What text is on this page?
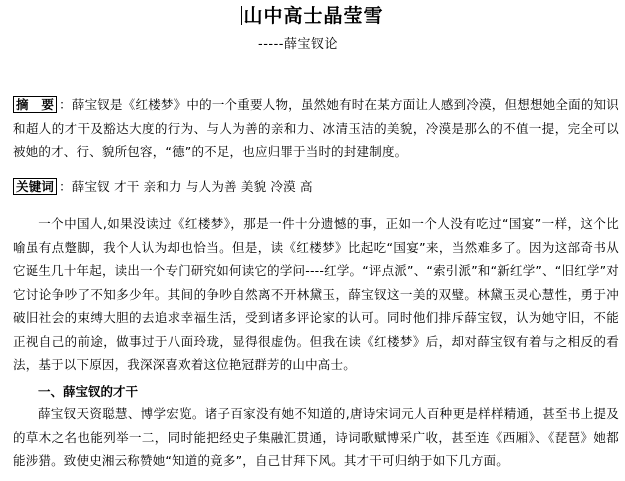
山中高士晶莹雪
-----薛宝钗论
摘　要 ：薛宝钗是《红楼梦》中的一个重要人物，虽然她有时在某方面让人感到冷漠，但想想她全面的知识和超人的才干及豁达大度的行为、与人为善的亲和力、冰清玉洁的美貌，冷漠是那么的不值一提，完全可以被她的才、行、貌所包容，“德”的不足，也应归罪于当时的封建制度。
关键词 ：薛宝钗 才干 亲和力 与人为善 美貌 冷漠 高
一个中国人,如果没读过《红楼梦》，那是一件十分遗憾的事，正如一个人没有吃过“国宴”一样，这个比喻虽有点蹩脚，我个人认为却也恰当。但是，读《红楼梦》比起吃“国宴”来，当然难多了。因为这部奇书从它诞生几十年起，读出一个专门研究如何读它的学问----红学。“评点派”、“索引派”和“新红学”、“旧红学”对它讨论争吵了不知多少年。其间的争吵自然离不开林黛玉，薛宝钗这一美的双璧。林黛玉灵心慧性，勇于冲破旧社会的束缚大胆的去追求幸福生活，受到诸多评论家的认可。同时他们排斥薛宝钗，认为她守旧，不能正视自己的前途，做事过于八面玲珑，显得很虚伪。但我在读《红楼梦》后，却对薛宝钗有着与之相反的看法，基于以下原因，我深深喜欢着这位艳冠群芳的山中高士。
一、薛宝钗的才干
薛宝钗天资聪慧、博学宏览。诸子百家没有她不知道的,唐诗宋词元人百种更是样样精通，甚至书上提及的草木之名也能列举一二，同时能把经史子集融汇贯通，诗词歌赋博采广收，甚至连《西厢》、《琵琶》她都能涉猎。致使史湘云称赞她“知道的竟多”，自己甘拜下风。其才干可归纳于如下几方面。
